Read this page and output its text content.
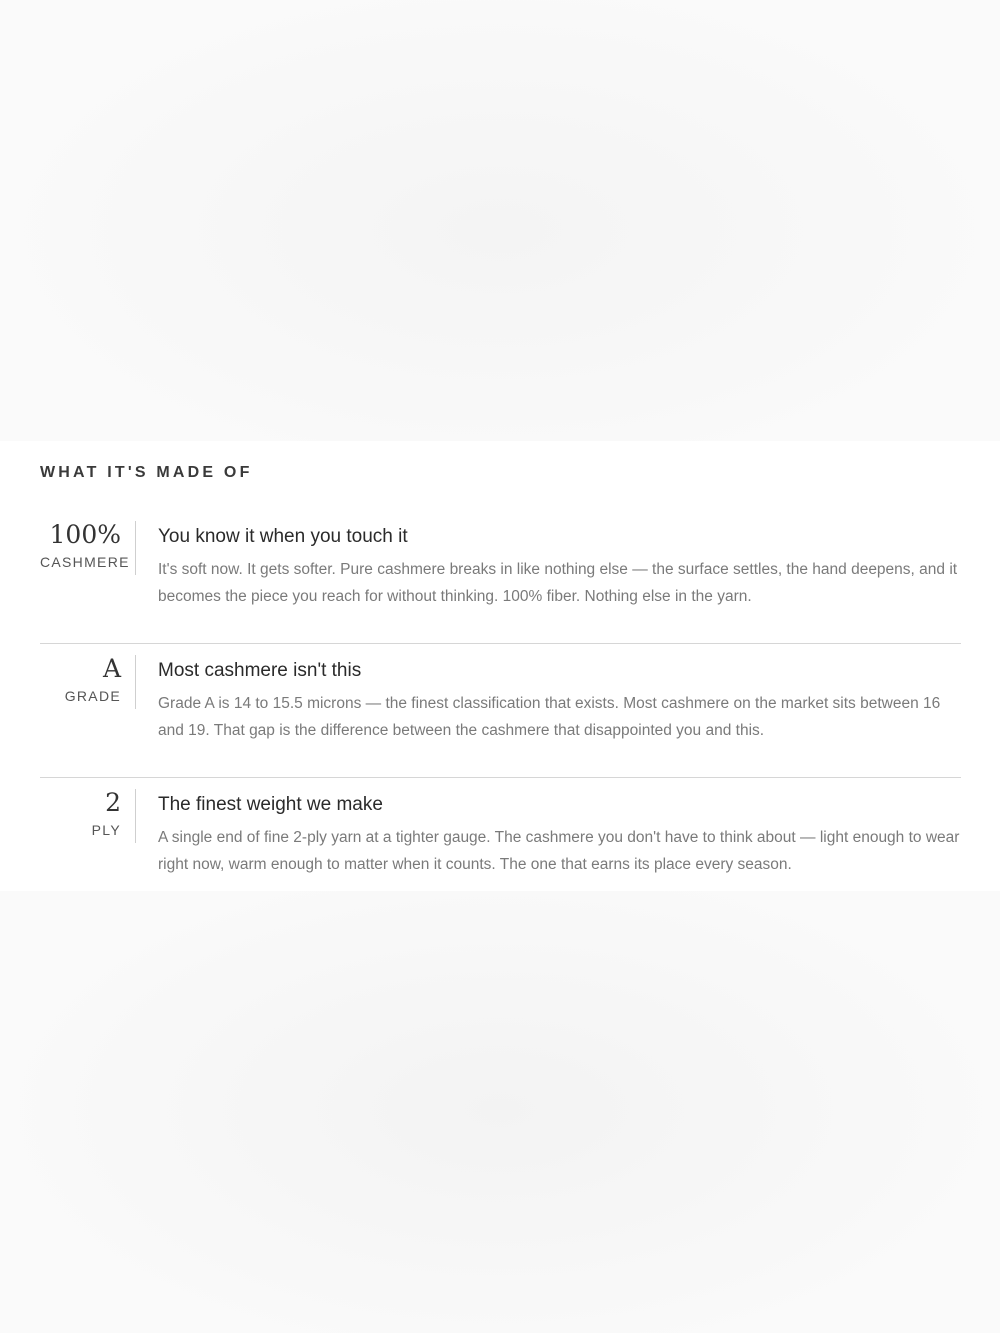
WHAT IT'S MADE OF
100%
CASHMERE
You know it when you touch it

It's soft now. It gets softer. Pure cashmere breaks in like nothing else — the surface settles, the hand deepens, and it becomes the piece you reach for without thinking. 100% fiber. Nothing else in the yarn.

A
GRADE
Most cashmere isn't this

Grade A is 14 to 15.5 microns — the finest classification that exists. Most cashmere on the market sits between 16 and 19. That gap is the difference between the cashmere that disappointed you and this.

2
PLY
The finest weight we make

A single end of fine 2-ply yarn at a tighter gauge. The cashmere you don't have to think about — light enough to wear right now, warm enough to matter when it counts. The one that earns its place every season.
